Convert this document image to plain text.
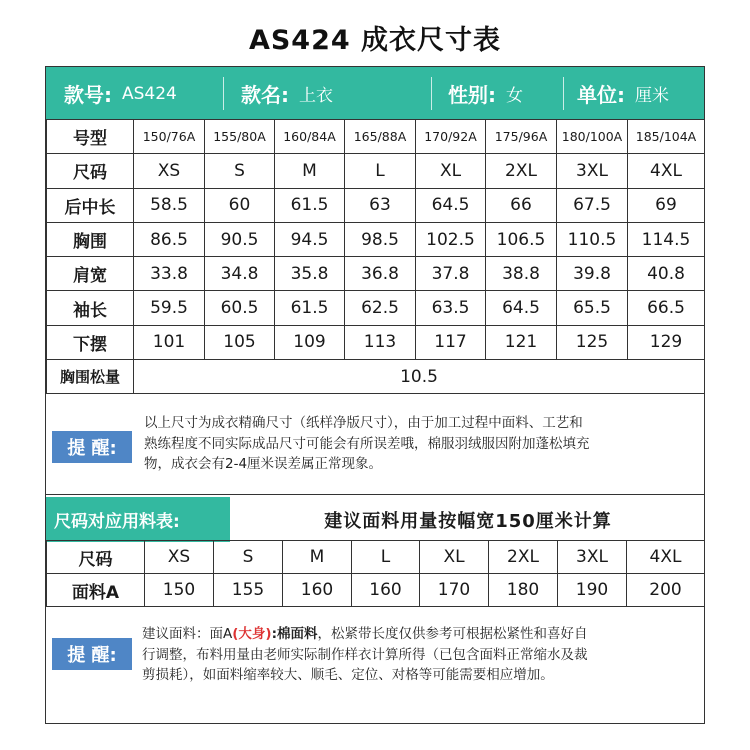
AS424 成衣尺寸表
款号: AS424	款名: 上衣	性别: 女	单位: 厘米
号型	150/76A	155/80A	160/84A	165/88A	170/92A	175/96A	180/100A	185/104A
尺码	XS	S	M	L	XL	2XL	3XL	4XL
后中长	58.5	60	61.5	63	64.5	66	67.5	69
胸围	86.5	90.5	94.5	98.5	102.5	106.5	110.5	114.5
肩宽	33.8	34.8	35.8	36.8	37.8	38.8	39.8	40.8
袖长	59.5	60.5	61.5	62.5	63.5	64.5	65.5	66.5
下摆	101	105	109	113	117	121	125	129
胸围松量	10.5							
提 醒:
以上尺寸为成衣精确尺寸（纸样净版尺寸），由于加工过程中面料、工艺和
熟练程度不同实际成品尺寸可能会有所误差哦，棉服羽绒服因附加蓬松填充
物，成衣会有2-4厘米误差属正常现象。
尺码对应用料表:	建议面料用量按幅宽150厘米计算
尺码	XS	S	M	L	XL	2XL	3XL	4XL
面料A	150	155	160	160	170	180	190	200
提 醒:
建议面料：面A(大身):棉面料，松紧带长度仅供参考可根据松紧性和喜好自
行调整，布料用量由老师实际制作样衣计算所得（已包含面料正常缩水及裁
剪损耗），如面料缩率较大、顺毛、定位、对格等可能需要相应增加。
